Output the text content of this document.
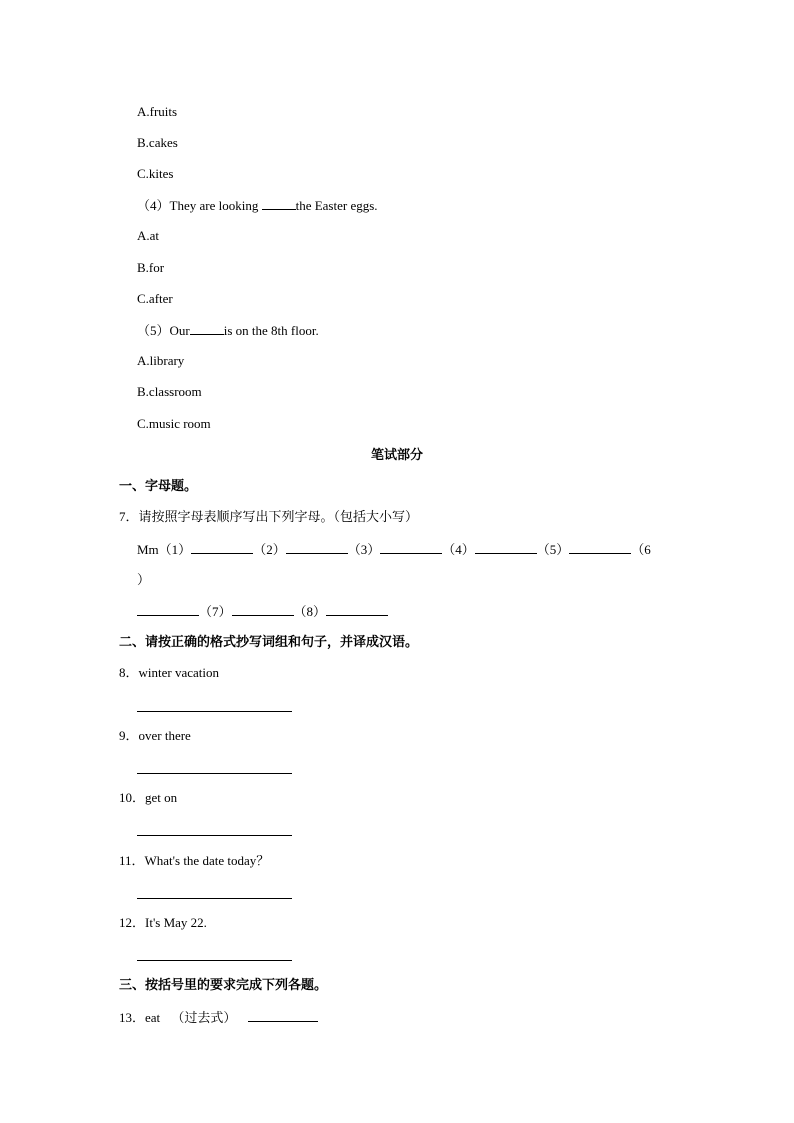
A.fruits
B.cakes
C.kites
（4）They are looking	the Easter eggs.
A.at
B.for
C.after
（5）Our	is on the 8th floor.
A.library
B.classroom
C.music room
笔试部分
一、字母题。
7．请按照字母表顺序写出下列字母。（包括大小写）
Mm（1）	（2）	（3）	（4）	（5）	（6
）
（7）	（8）
二、请按正确的格式抄写词组和句子，并译成汉语。
8．winter vacation
9．over there
10．get on
11．What's the date today？
12．It's May 22.
三、按括号里的要求完成下列各题。
13．eat （过去式）
